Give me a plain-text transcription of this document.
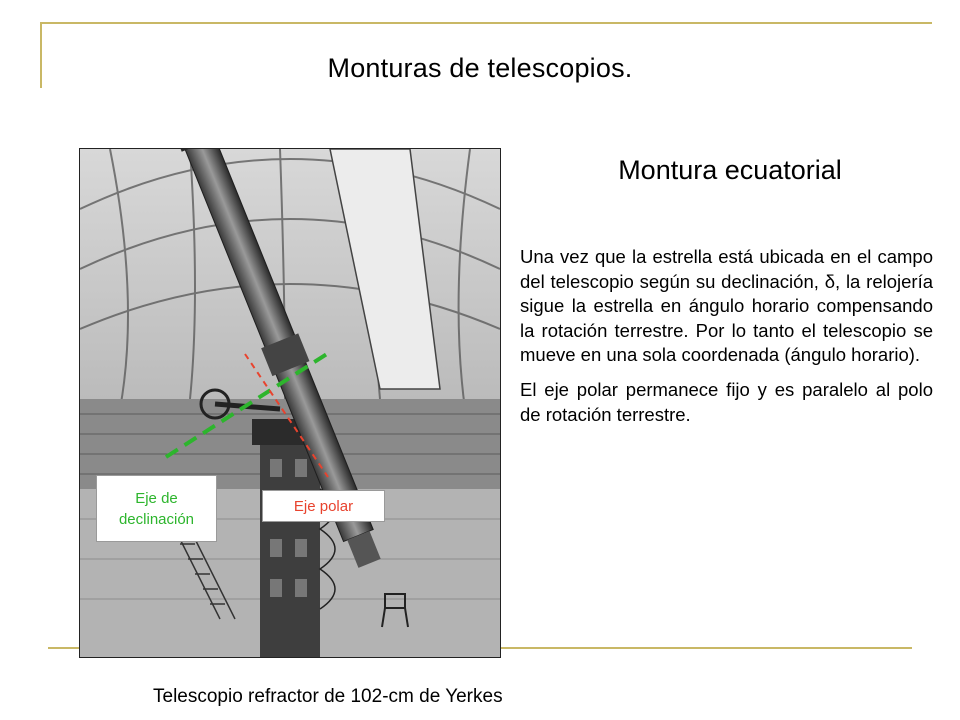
Monturas de telescopios.
Eje de declinación
Eje polar
Montura ecuatorial

Una vez que la estrella está ubicada en el campo del telescopio según su declinación, δ, la relojería sigue la estrella en ángulo horario compensando la rotación terrestre. Por lo tanto el telescopio se mueve en una sola coordenada (ángulo horario).

El eje polar permanece fijo y es paralelo al polo de rotación terrestre.

Telescopio refractor de 102-cm de Yerkes
